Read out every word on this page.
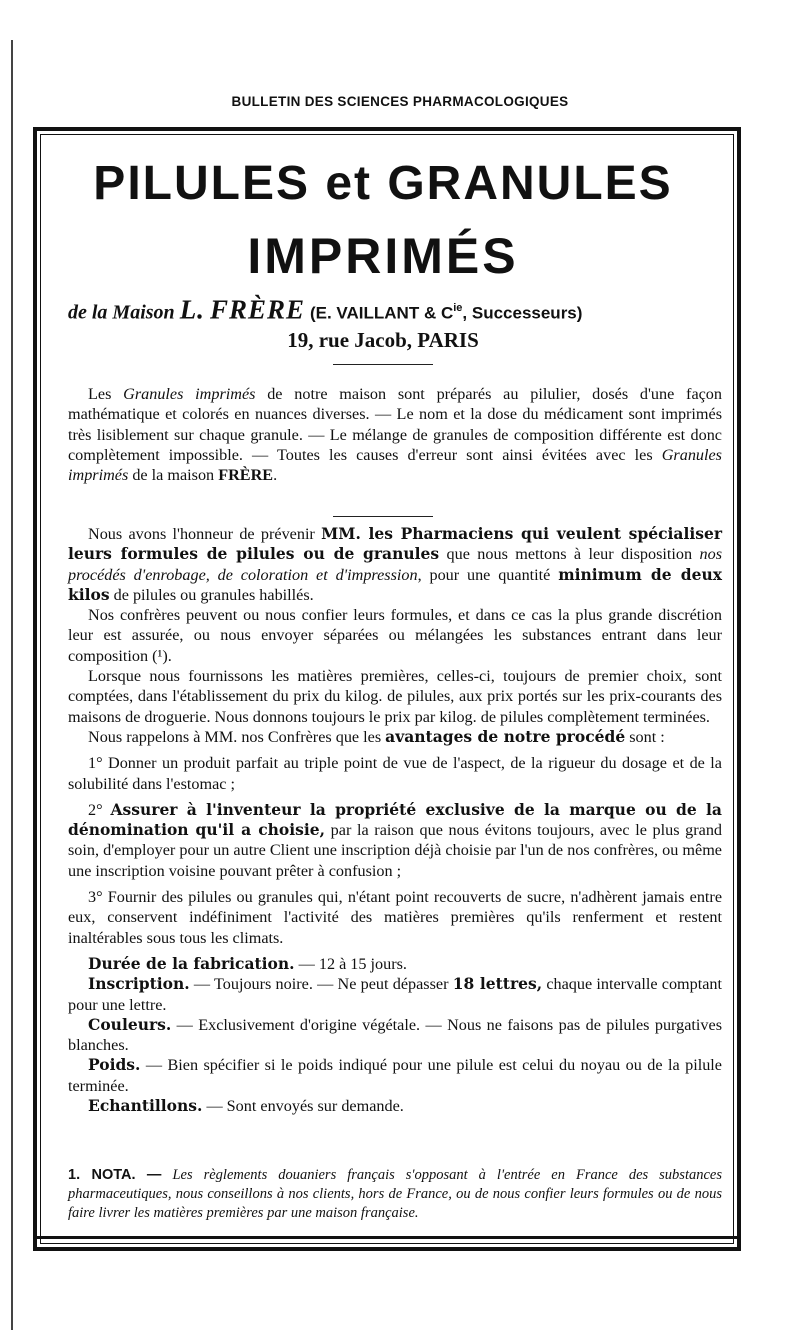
BULLETIN DES SCIENCES PHARMACOLOGIQUES
PILULES et GRANULES
IMPRIMÉS
de la Maison L. FRÈRE (E. VAILLANT & $C^{ie}$, Successeurs)
19, rue Jacob, PARIS

Les Granules imprimés de notre maison sont préparés au pilulier, dosés d'une façon mathématique et colorés en nuances diverses. — Le nom et la dose du médicament sont imprimés très lisiblement sur chaque granule. — Le mélange de granules de composition différente est donc complètement impossible. — Toutes les causes d'erreur sont ainsi évitées avec les Granules imprimés de la maison FRÈRE.

Nous avons l'honneur de prévenir MM. les Pharmaciens qui veulent spécialiser leurs formules de pilules ou de granules que nous mettons à leur disposition nos procédés d'enrobage, de coloration et d'impression, pour une quantité minimum de deux kilos de pilules ou granules habillés.

Nos confrères peuvent ou nous confier leurs formules, et dans ce cas la plus grande discrétion leur est assurée, ou nous envoyer séparées ou mélangées les substances entrant dans leur composition (¹).

Lorsque nous fournissons les matières premières, celles-ci, toujours de premier choix, sont comptées, dans l'établissement du prix du kilog. de pilules, aux prix portés sur les prix-courants des maisons de droguerie. Nous donnons toujours le prix par kilog. de pilules complètement terminées.

Nous rappelons à MM. nos Confrères que les avantages de notre procédé sont :

1° Donner un produit parfait au triple point de vue de l'aspect, de la rigueur du dosage et de la solubilité dans l'estomac ;

2° Assurer à l'inventeur la propriété exclusive de la marque ou de la dénomination qu'il a choisie, par la raison que nous évitons toujours, avec le plus grand soin, d'employer pour un autre Client une inscription déjà choisie par l'un de nos confrères, ou même une inscription voisine pouvant prêter à confusion ;

3° Fournir des pilules ou granules qui, n'étant point recouverts de sucre, n'adhèrent jamais entre eux, conservent indéfiniment l'activité des matières premières qu'ils renferment et restent inaltérables sous tous les climats.

Durée de la fabrication. — 12 à 15 jours.

Inscription. — Toujours noire. — Ne peut dépasser 18 lettres, chaque intervalle comptant pour une lettre.

Couleurs. — Exclusivement d'origine végétale. — Nous ne faisons pas de pilules purgatives blanches.

Poids. — Bien spécifier si le poids indiqué pour une pilule est celui du noyau ou de la pilule terminée.

Echantillons. — Sont envoyés sur demande.

1. NOTA. — Les règlements douaniers français s'opposant à l'entrée en France des substances pharmaceutiques, nous conseillons à nos clients, hors de France, ou de nous confier leurs formules ou de nous faire livrer les matières premières par une maison française.
